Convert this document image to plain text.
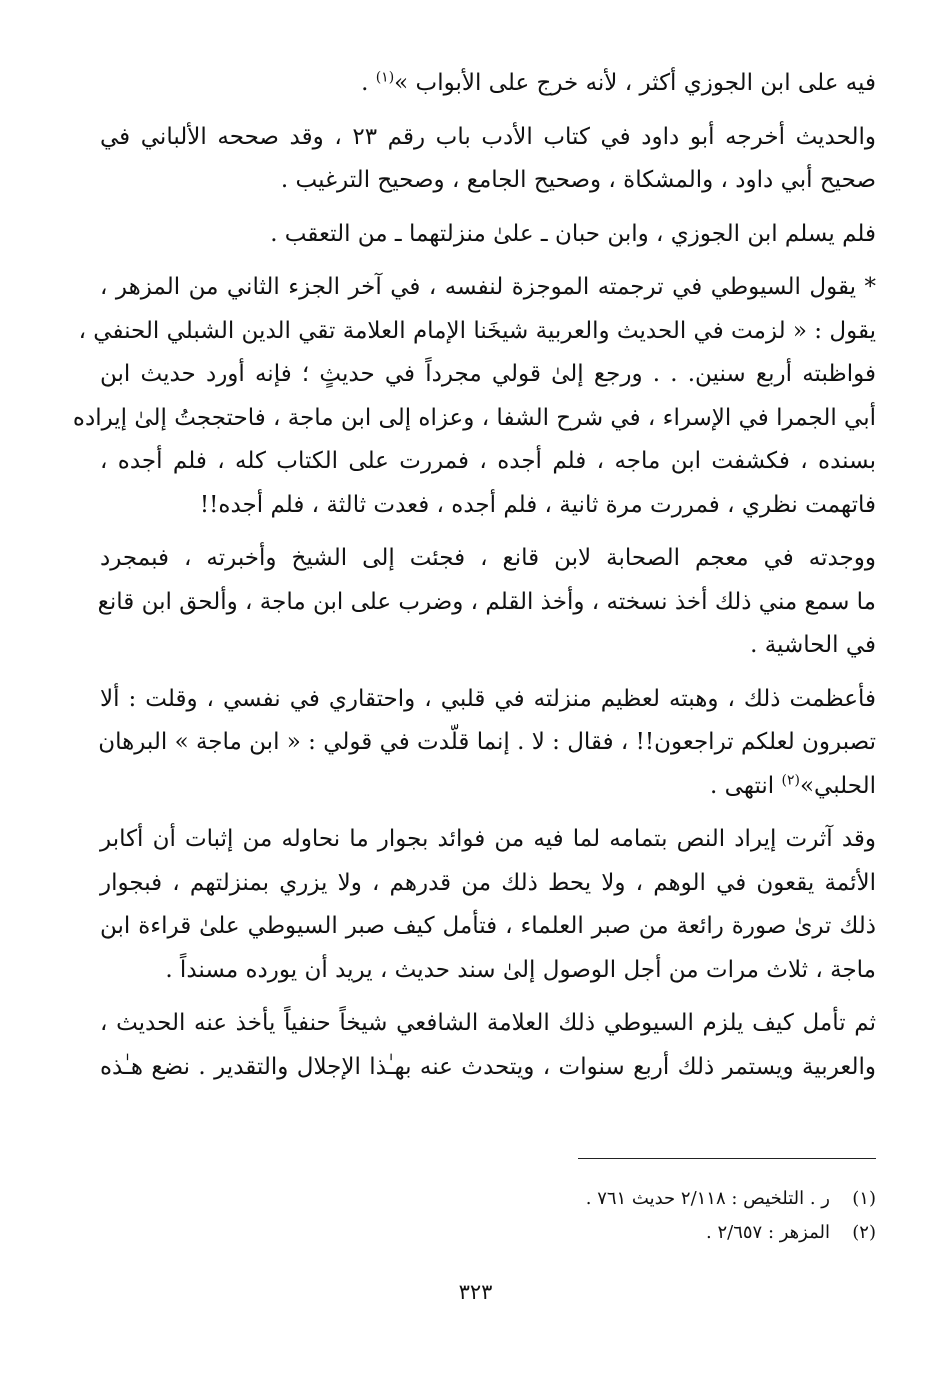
فيه على ابن الجوزي أكثر ، لأنه خرج على الأبواب »$^{(١)}$ .

والحديث أخرجه أبو داود في كتاب الأدب باب رقم ٢٣ ، وقد صححه الألباني في
صحيح أبي داود ، والمشكاة ، وصحيح الجامع ، وصحيح الترغيب .

فلم يسلم ابن الجوزي ، وابن حبان ـ علىٰ منزلتهما ـ من التعقب .

* يقول السيوطي في ترجمته الموجزة لنفسه ، في آخر الجزء الثاني من المزهر ،
يقول : « لزمت في الحديث والعربية شيخَنا الإمام العلامة تقي الدين الشبلي الحنفي ،
فواظبته أربع سنين. . . ورجع إلىٰ قولي مجرداً في حديثٍ ؛ فإنه أورد حديث ابن
أبي الجمرا في الإسراء ، في شرح الشفا ، وعزاه إلى ابن ماجة ، فاحتججتُ إلىٰ إيراده
بسنده ، فكشفت ابن ماجه ، فلم أجده ، فمررت على الكتاب كله ، فلم أجده ،
فاتهمت نظري ، فمررت مرة ثانية ، فلم أجده ، فعدت ثالثة ، فلم أجده!!

ووجدته في معجم الصحابة لابن قانع ، فجئت إلى الشيخ وأخبرته ، فبمجرد
ما سمع مني ذلك أخذ نسخته ، وأخذ القلم ، وضرب على ابن ماجة ، وألحق ابن قانع
في الحاشية .

فأعظمت ذلك ، وهبته لعظيم منزلته في قلبي ، واحتقاري في نفسي ، وقلت : ألا
تصبرون لعلكم تراجعون!! ، فقال : لا . إنما قلّدت في قولي : « ابن ماجة » البرهان
الحلبي»$^{(٢)}$ انتهى .

وقد آثرت إيراد النص بتمامه لما فيه من فوائد بجوار ما نحاوله من إثبات أن أكابر
الأئمة يقعون في الوهم ، ولا يحط ذلك من قدرهم ، ولا يزري بمنزلتهم ، فبجوار
ذلك ترىٰ صورة رائعة من صبر العلماء ، فتأمل كيف صبر السيوطي علىٰ قراءة ابن
ماجة ، ثلاث مرات من أجل الوصول إلىٰ سند حديث ، يريد أن يورده مسنداً .

ثم تأمل كيف يلزم السيوطي ذلك العلامة الشافعي شيخاً حنفياً يأخذ عنه الحديث ،
والعربية ويستمر ذلك أربع سنوات ، ويتحدث عنه بهـٰذا الإجلال والتقدير . نضع هـٰذه

(١)
ر . التلخيص : ٢/١١٨ حديث ٧٦١ .
(٢)
المزهر : ٢/٦٥٧ .
٣٢٣
